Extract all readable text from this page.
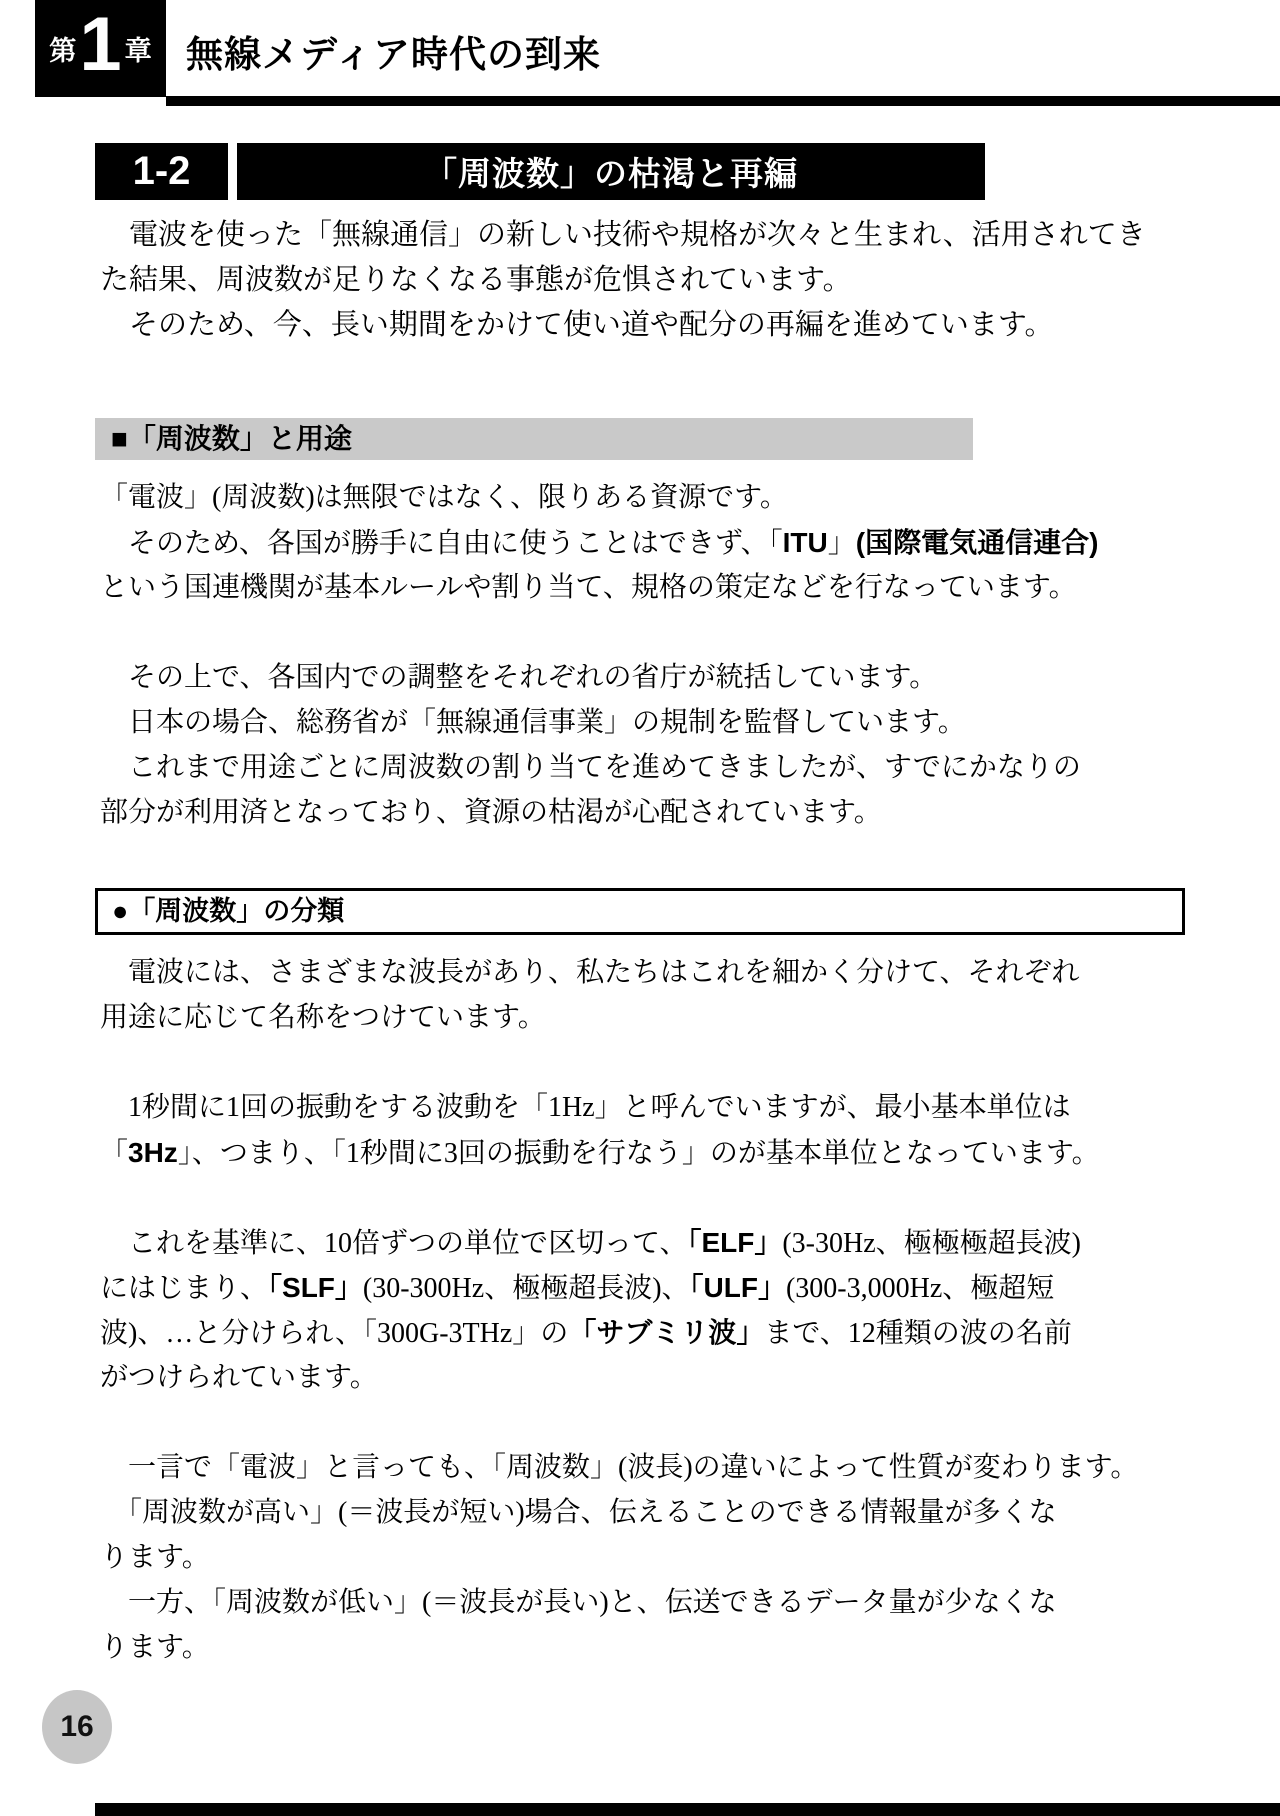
第 1 章 無線メディア時代の到来
1-2	「周波数」の枯渇と再編
　電波を使った「無線通信」の新しい技術や規格が次々と生まれ、活用されてき
た結果、周波数が足りなくなる事態が危惧されています。
　そのため、今、長い期間をかけて使い道や配分の再編を進めています。
■「周波数」と用途
「電波」(周波数)は無限ではなく、限りある資源です。
　そのため、各国が勝手に自由に使うことはできず、「ITU」(国際電気通信連合)
という国連機関が基本ルールや割り当て、規格の策定などを行なっています。
　その上で、各国内での調整をそれぞれの省庁が統括しています。
　日本の場合、総務省が「無線通信事業」の規制を監督しています。
　これまで用途ごとに周波数の割り当てを進めてきましたが、すでにかなりの
部分が利用済となっており、資源の枯渇が心配されています。
●「周波数」の分類
　電波には、さまざまな波長があり、私たちはこれを細かく分けて、それぞれ
用途に応じて名称をつけています。
　1秒間に1回の振動をする波動を「1Hz」と呼んでいますが、最小基本単位は
「3Hz」、つまり、「1秒間に3回の振動を行なう」のが基本単位となっています。
　これを基準に、10倍ずつの単位で区切って、「ELF」(3-30Hz、極極極超長波)
にはじまり、「SLF」(30-300Hz、極極超長波)、「ULF」(300-3,000Hz、極超短
波)、…と分けられ、「300G-3THz」の「サブミリ波」まで、12種類の波の名前
がつけられています。
　一言で「電波」と言っても、「周波数」(波長)の違いによって性質が変わります。
　「周波数が高い」(＝波長が短い)場合、伝えることのできる情報量が多くな
ります。
　一方、「周波数が低い」(＝波長が長い)と、伝送できるデータ量が少なくな
ります。
16
